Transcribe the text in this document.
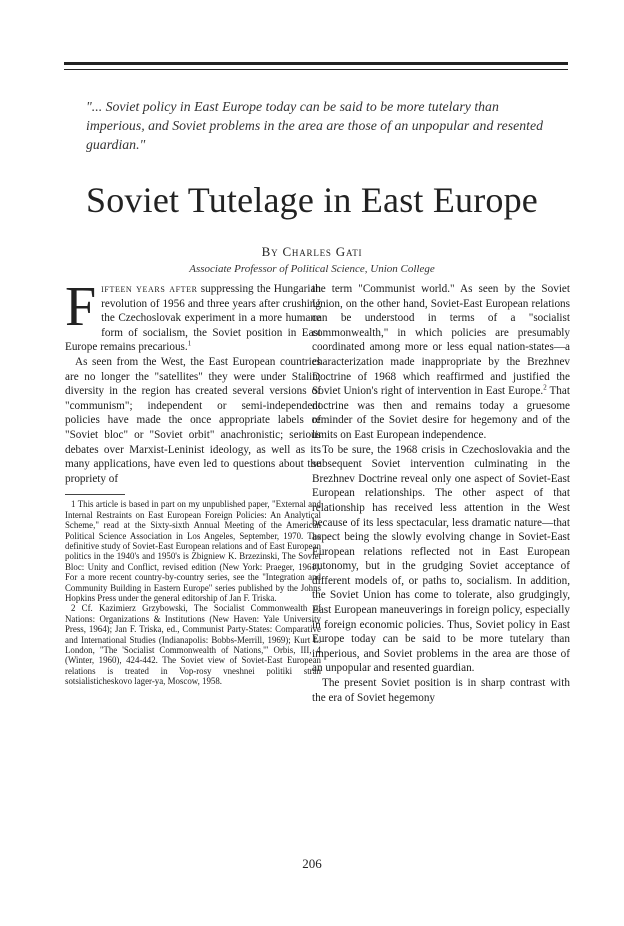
"... Soviet policy in East Europe today can be said to be more tutelary than imperious, and Soviet problems in the area are those of an unpopular and resented guardian."
Soviet Tutelage in East Europe
By Charles Gati
Associate Professor of Political Science, Union College

Fifteen years after suppressing the Hungarian revolution of 1956 and three years after crushing the Czechoslovak experiment in a more humane form of socialism, the Soviet position in East Europe remains precarious.$^1$

As seen from the West, the East European countries are no longer the "satellites" they were under Stalin; diversity in the region has created several versions of "communism"; independent or semi-independent policies have made the once appropriate labels of "Soviet bloc" or "Soviet orbit" anachronistic; serious debates over Marxist-Leninist ideology, as well as its many applications, have even led to questions about the propriety of

1 This article is based in part on my unpublished paper, "External and Internal Restraints on East European Foreign Policies: An Analytical Scheme," read at the Sixty-sixth Annual Meeting of the American Political Science Association in Los Angeles, September, 1970. The definitive study of Soviet-East European relations and of East European politics in the 1940's and 1950's is Zbigniew K. Brzezinski, The Soviet Bloc: Unity and Conflict, revised edition (New York: Praeger, 1961). For a more recent country-by-country series, see the "Integration and Community Building in Eastern Europe" series published by the Johns Hopkins Press under the general editorship of Jan F. Triska.

2 Cf. Kazimierz Grzybowski, The Socialist Commonwealth of Nations: Organizations & Institutions (New Haven: Yale University Press, 1964); Jan F. Triska, ed., Communist Party-States: Comparative and International Studies (Indianapolis: Bobbs-Merrill, 1969); Kurt L. London, "The 'Socialist Commonwealth of Nations,'" Orbis, III, 4 (Winter, 1960), 424-442. The Soviet view of Soviet-East European relations is treated in Vop-rosy vneshnei politiki stran sotsialisticheskovo lager-ya, Moscow, 1958.

the term "Communist world." As seen by the Soviet Union, on the other hand, Soviet-East European relations can be understood in terms of a "socialist commonwealth," in which policies are presumably coordinated among more or less equal nation-states—a characterization made inappropriate by the Brezhnev Doctrine of 1968 which reaffirmed and justified the Soviet Union's right of intervention in East Europe.$^2$ That doctrine was then and remains today a gruesome reminder of the Soviet desire for hegemony and of the limits on East European independence.

To be sure, the 1968 crisis in Czechoslovakia and the subsequent Soviet intervention culminating in the Brezhnev Doctrine reveal only one aspect of Soviet-East European relationships. The other aspect of that relationship has received less attention in the West because of its less spectacular, less dramatic nature—that aspect being the slowly evolving change in Soviet-East European relations reflected not in East European autonomy, but in the grudging Soviet acceptance of different models of, or paths to, socialism. In addition, the Soviet Union has come to tolerate, also grudgingly, East European maneuverings in foreign policy, especially in foreign economic policies. Thus, Soviet policy in East Europe today can be said to be more tutelary than imperious, and Soviet problems in the area are those of an unpopular and resented guardian.

The present Soviet position is in sharp contrast with the era of Soviet hegemony

206
